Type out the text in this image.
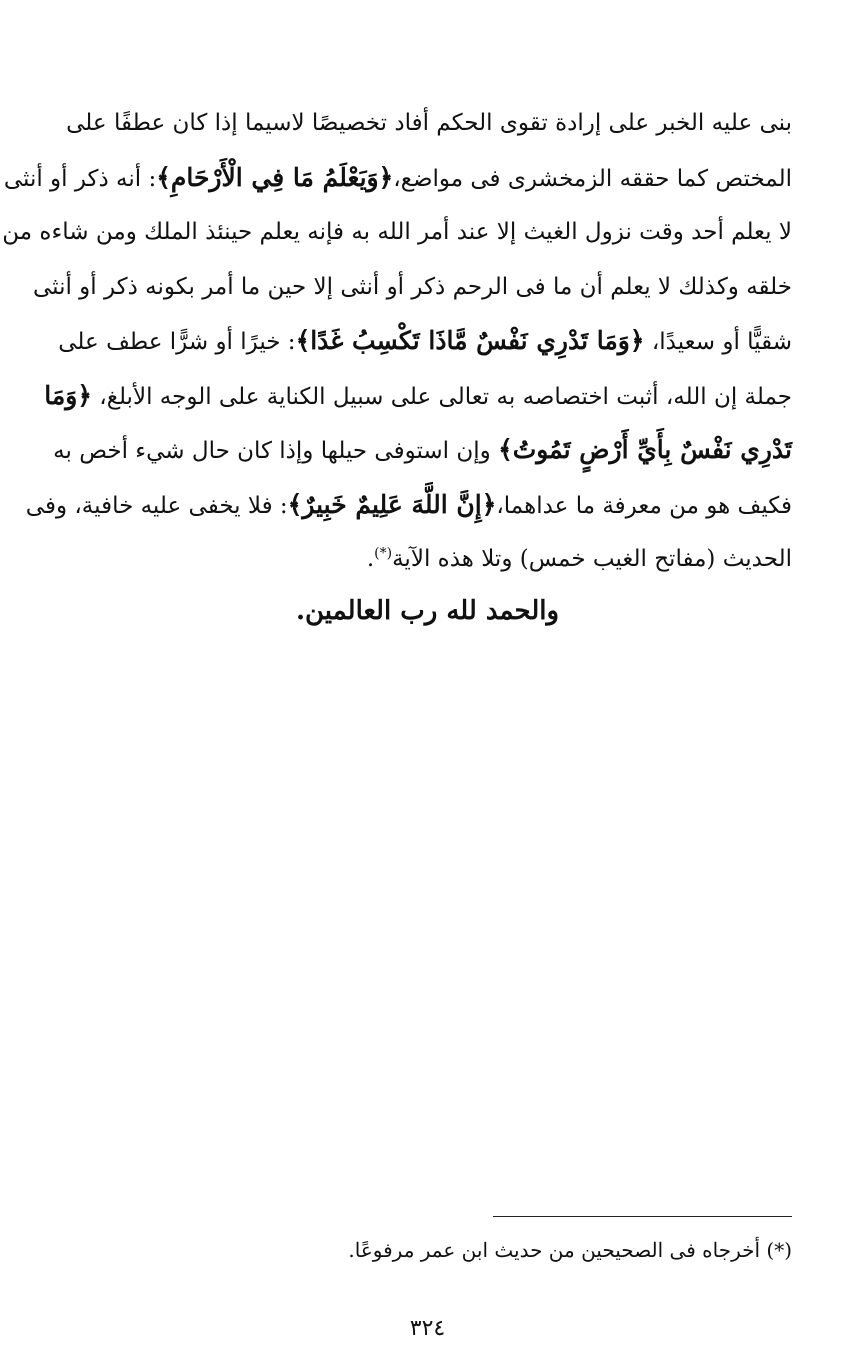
بنى عليه الخبر على إرادة تقوى الحكم أفاد تخصيصًا لاسيما إذا كان عطفًا على
المختص كما حققه الزمخشرى فى مواضع،﴿وَيَعْلَمُ مَا فِي الْأَرْحَامِ﴾: أنه ذكر أو أنثى
لا يعلم أحد وقت نزول الغيث إلا عند أمر الله به فإنه يعلم حينئذ الملك ومن شاءه من
خلقه وكذلك لا يعلم أن ما فى الرحم ذكر أو أنثى إلا حين ما أمر بكونه ذكر أو أنثى
شقيًّا أو سعيدًا، ﴿وَمَا تَدْرِي نَفْسٌ مَّاذَا تَكْسِبُ غَدًا﴾: خيرًا أو شرًّا عطف على
جملة إن الله، أثبت اختصاصه به تعالى على سبيل الكناية على الوجه الأبلغ، ﴿وَمَا
تَدْرِي نَفْسٌ بِأَيِّ أَرْضٍ تَمُوتُ﴾ وإن استوفى حيلها وإذا كان حال شيء أخص به
فكيف هو من معرفة ما عداهما،﴿إِنَّ اللَّهَ عَلِيمٌ خَبِيرٌ﴾: فلا يخفى عليه خافية، وفى
الحديث (مفاتح الغيب خمس) وتلا هذه الآية(*).
والحمد لله رب العالمين.
(*) أخرجاه فى الصحيحين من حديث ابن عمر مرفوعًا.
٣٢٤
